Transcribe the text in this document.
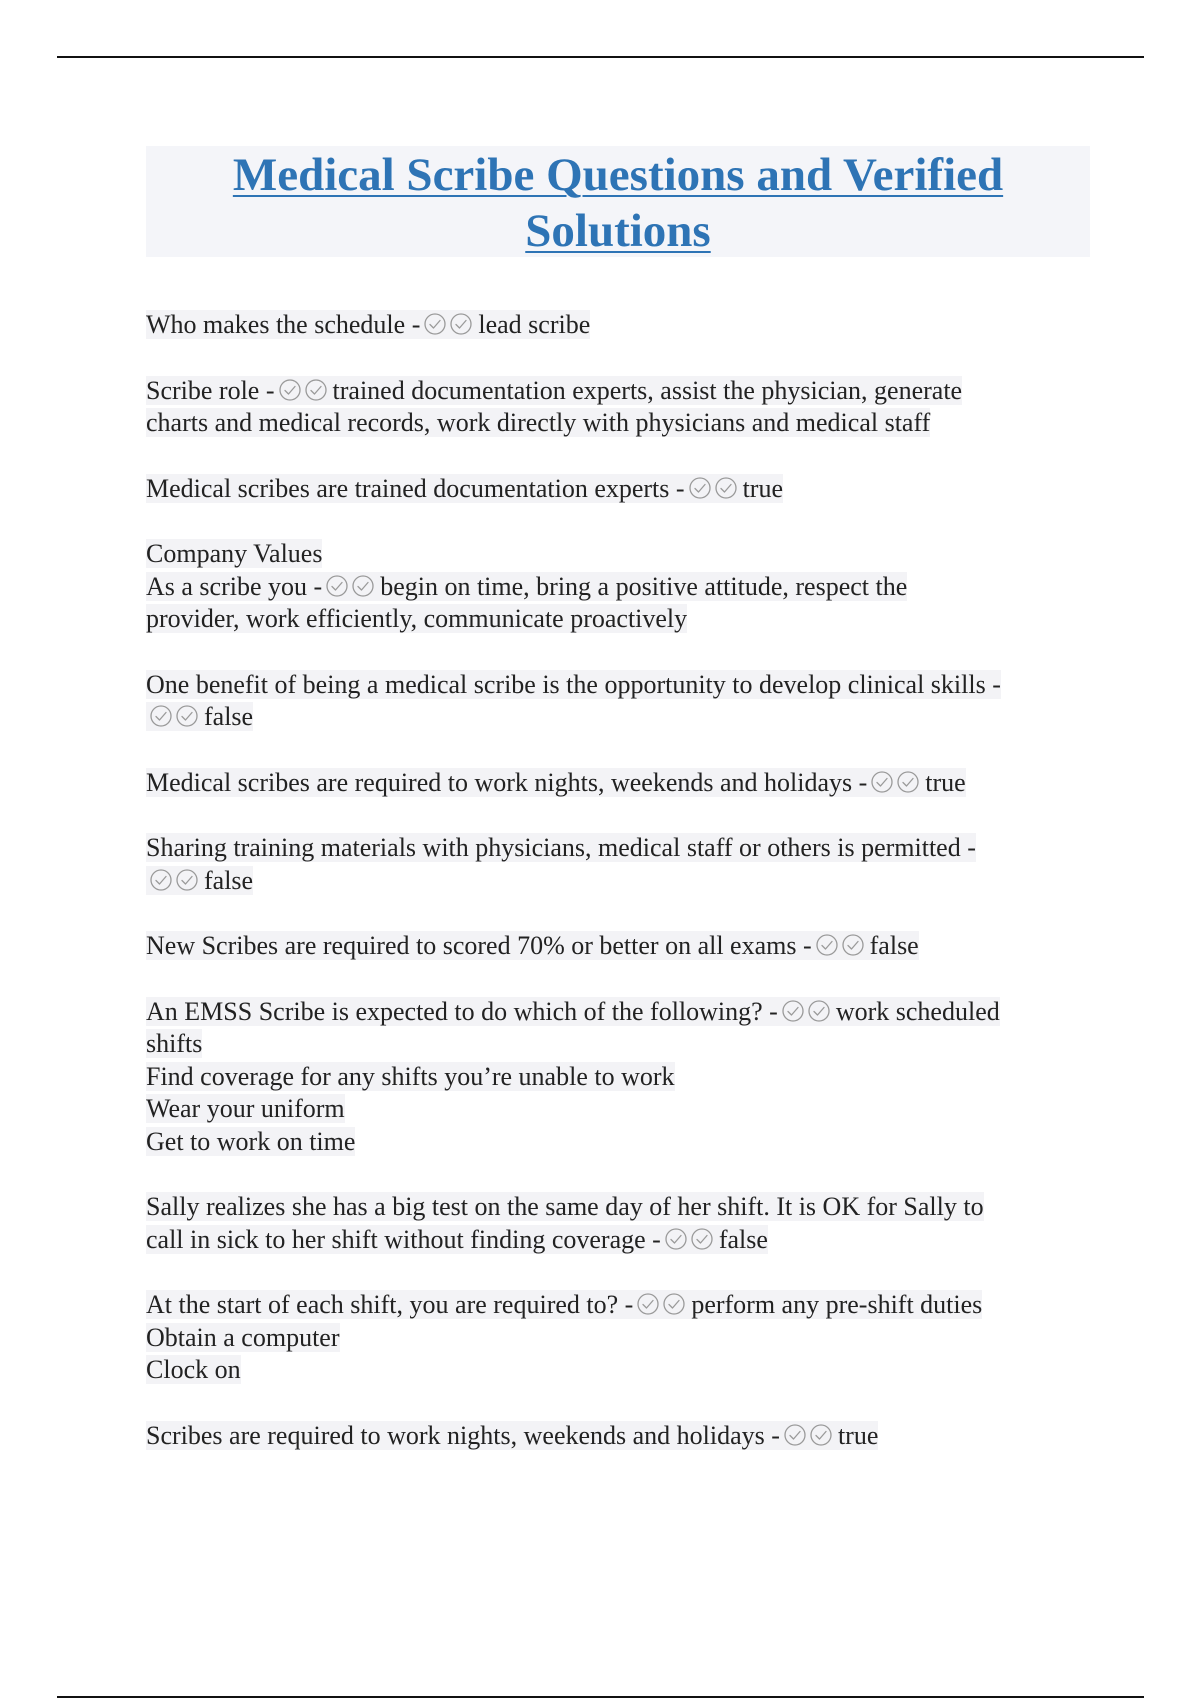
Medical Scribe Questions and Verified Solutions
Who makes the schedule - lead scribe
Scribe role - trained documentation experts, assist the physician, generate
charts and medical records, work directly with physicians and medical staff
Medical scribes are trained documentation experts - true
Company Values
As a scribe you - begin on time, bring a positive attitude, respect the
provider, work efficiently, communicate proactively
One benefit of being a medical scribe is the opportunity to develop clinical skills -
false
Medical scribes are required to work nights, weekends and holidays - true
Sharing training materials with physicians, medical staff or others is permitted -
false
New Scribes are required to scored 70% or better on all exams - false
An EMSS Scribe is expected to do which of the following? - work scheduled
shifts
Find coverage for any shifts you’re unable to work
Wear your uniform
Get to work on time
Sally realizes she has a big test on the same day of her shift. It is OK for Sally to
call in sick to her shift without finding coverage - false
At the start of each shift, you are required to? - perform any pre-shift duties
Obtain a computer
Clock on
Scribes are required to work nights, weekends and holidays - true
